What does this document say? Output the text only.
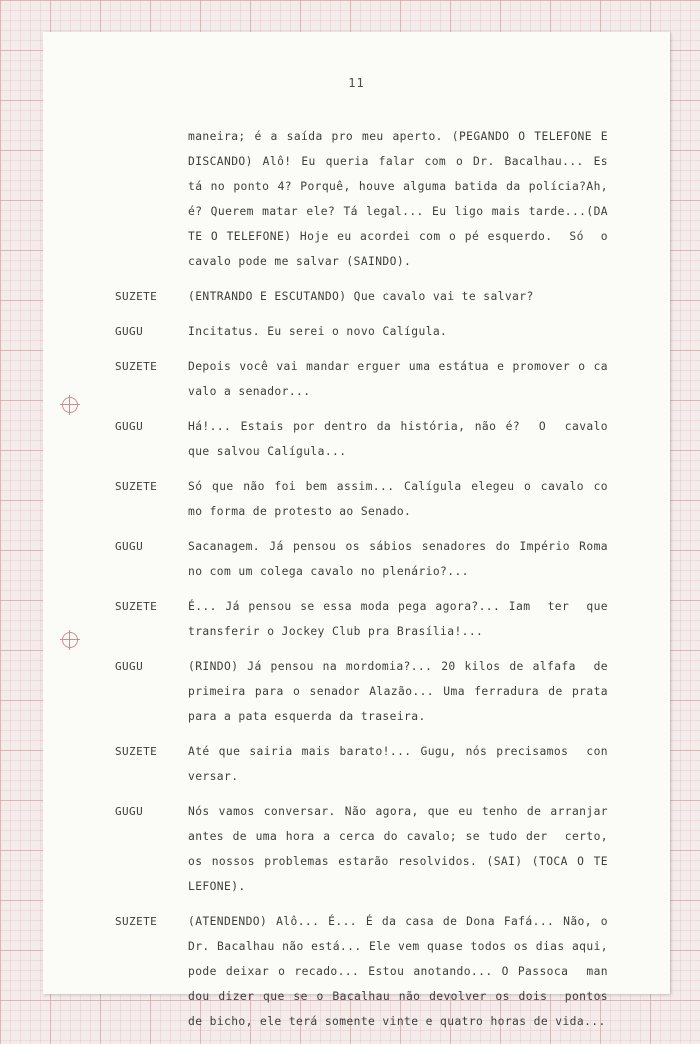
11
maneira; é a saída pro meu aperto. (PEGANDO O TELEFONE E
DISCANDO) Alô! Eu queria falar com o Dr. Bacalhau... Es
tá no ponto 4? Porquê, houve alguma batida da polícia?Ah,
é? Querem matar ele? Tá legal... Eu ligo mais tarde...(DA
TE O TELEFONE) Hoje eu acordei com o pé esquerdo.  Só  o
cavalo pode me salvar (SAINDO).
SUZETE	(ENTRANDO E ESCUTANDO) Que cavalo vai te salvar?
GUGU	Incitatus. Eu serei o novo Calígula.
SUZETE	Depois você vai mandar erguer uma estátua e promover o ca
valo a senador...
GUGU	Há!... Estais por dentro da história, não é?  O  cavalo
que salvou Calígula...
SUZETE	Só que não foi bem assim... Calígula elegeu o cavalo co
mo forma de protesto ao Senado.
GUGU	Sacanagem. Já pensou os sábios senadores do Império Roma
no com um colega cavalo no plenário?...
SUZETE	É... Já pensou se essa moda pega agora?... Iam  ter  que
transferir o Jockey Club pra Brasília!...
GUGU	(RINDO) Já pensou na mordomia?... 20 kilos de alfafa  de
primeira para o senador Alazão... Uma ferradura de prata
para a pata esquerda da traseira.
SUZETE	Até que sairia mais barato!... Gugu, nós precisamos  con
versar.
GUGU	Nós vamos conversar. Não agora, que eu tenho de arranjar
antes de uma hora a cerca do cavalo; se tudo der  certo,
os nossos problemas estarão resolvidos. (SAI) (TOCA O TE
LEFONE).
SUZETE	(ATENDENDO) Alô... É... É da casa de Dona Fafá... Não, o
Dr. Bacalhau não está... Ele vem quase todos os dias aqui,
pode deixar o recado... Estou anotando... O Passoca  man
dou dizer que se o Bacalhau não devolver os dois  pontos
de bicho, ele terá somente vinte e quatro horas de vida...
